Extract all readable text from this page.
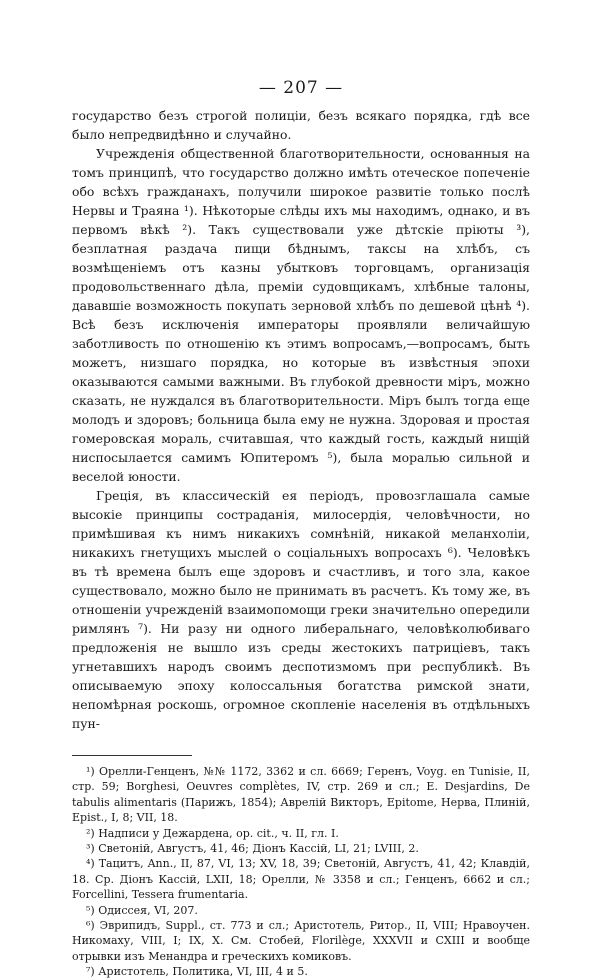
— 207 —

государство безъ строгой полиціи, безъ всякаго порядка, гдѣ все было непредвидѣнно и случайно.

Учрежденія общественной благотворительности, основанныя на томъ принципѣ, что государство должно имѣть отеческое попеченіе обо всѣхъ гражданахъ, получили широкое развитіе только послѣ Нервы и Траяна ¹). Нѣкоторые слѣды ихъ мы находимъ, однако, и въ первомъ вѣкѣ ²). Такъ существовали уже дѣтскіе пріюты ³), безплатная раздача пищи бѣднымъ, таксы на хлѣбъ, съ возмѣщеніемъ отъ казны убытковъ торговцамъ, организація продовольственнаго дѣла, преміи судовщикамъ, хлѣбные талоны, дававшіе возможность покупать зерновой хлѣбъ по дешевой цѣнѣ ⁴). Всѣ безъ исключенія императоры проявляли величайшую заботливость по отношенію къ этимъ вопросамъ,—вопросамъ, быть можетъ, низшаго порядка, но которые въ извѣстныя эпохи оказываются самыми важными. Въ глубокой древности міръ, можно сказать, не нуждался въ благотворительности. Міръ былъ тогда еще молодъ и здоровъ; больница была ему не нужна. Здоровая и простая гомеровская мораль, считавшая, что каждый гость, каждый нищій ниспосылается самимъ Юпитеромъ ⁵), была моралью сильной и веселой юности.

Греція, въ классическій ея періодъ, провозглашала самые высокіе принципы состраданія, милосердія, человѣчности, но примѣшивая къ нимъ никакихъ сомнѣній, никакой меланхоліи, никакихъ гнетущихъ мыслей о соціальныхъ вопросахъ ⁶). Человѣкъ въ тѣ времена былъ еще здоровъ и счастливъ, и того зла, какое существовало, можно было не принимать въ расчетъ. Къ тому же, въ отношеніи учрежденій взаимопомощи греки значительно опередили римлянъ ⁷). Ни разу ни одного либеральнаго, человѣколюбиваго предложенія не вышло изъ среды жестокихъ патриціевъ, такъ угнетавшихъ народъ своимъ деспотизмомъ при республикѣ. Въ описываемую эпоху колоссальныя богатства римской знати, непомѣрная роскошь, огромное скопленіе населенія въ отдѣльныхъ пун-

¹) Орелли-Генценъ, №№ 1172, 3362 и сл. 6669; Геренъ, Voyg. en Tunisie, II, стр. 59; Borghesi, Oeuvres complètes, IV, стр. 269 и сл.; E. Desjardins, De tabulis alimentaris (Парижъ, 1854); Аврелій Викторъ, Epitome, Нерва, Плиній, Epist., I, 8; VII, 18.

²) Надписи у Дежардена, op. cit., ч. II, гл. I.

³) Светоній, Августъ, 41, 46; Діонъ Кассій, LI, 21; LVIII, 2.

⁴) Тацитъ, Ann., II, 87, VI, 13; XV, 18, 39; Светоній, Августъ, 41, 42; Клавдій, 18. Ср. Діонъ Кассій, LXII, 18; Орелли, № 3358 и сл.; Генценъ, 6662 и сл.; Forcellini, Tessera frumentaria.

⁵) Одиссея, VI, 207.

⁶) Эврипидъ, Suppl., ст. 773 и сл.; Аристотель, Ритор., II, VIII; Нравоучен. Никомаху, VIII, I; IX, X. См. Стобей, Florilège, XXXVII и CXIII и вообще отрывки изъ Менандра и греческихъ комиковъ.

⁷) Аристотель, Политика, VI, III, 4 и 5.
